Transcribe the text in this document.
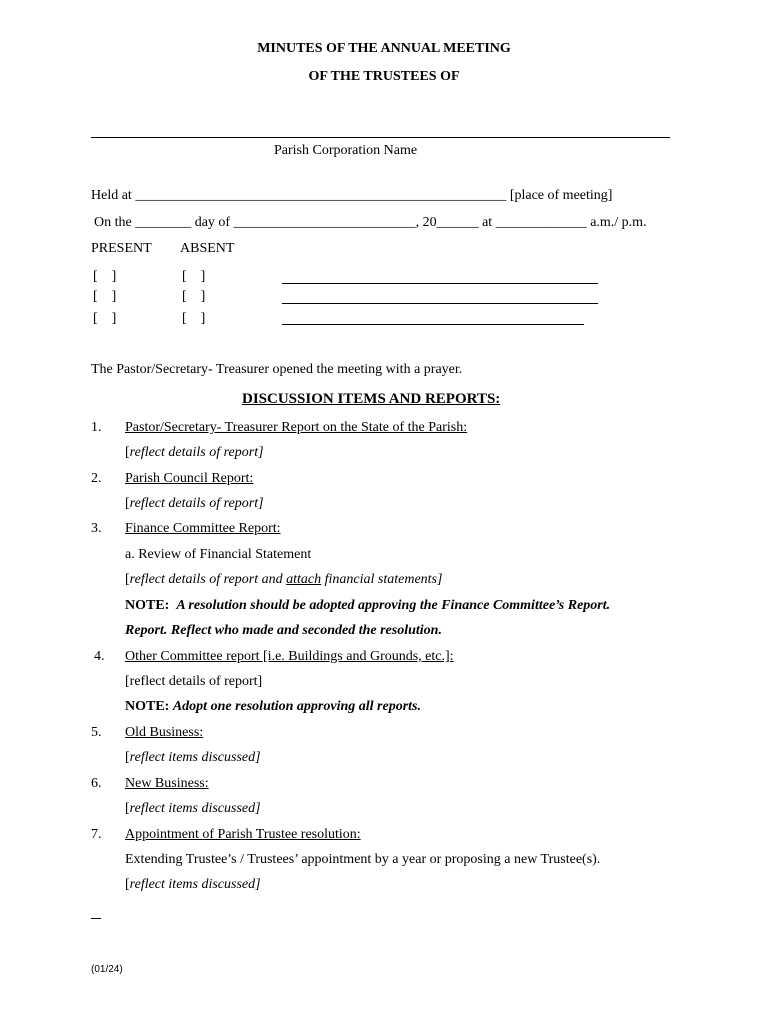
MINUTES OF THE ANNUAL MEETING
OF THE TRUSTEES OF
Parish Corporation Name
Held at _____________________________________________________ [place of meeting]
On the ________ day of __________________________, 20______ at _____________ a.m./ p.m.
PRESENT ABSENT
[    ]	[    ]
[    ]	[    ]
[    ]	[    ]
The Pastor/Secretary- Treasurer opened the meeting with a prayer.
DISCUSSION ITEMS AND REPORTS:
1. Pastor/Secretary- Treasurer Report on the State of the Parish:
[reflect details of report]
2. Parish Council Report:
[reflect details of report]
3. Finance Committee Report:
a. Review of Financial Statement
[reflect details of report and attach financial statements]
NOTE: A resolution should be adopted approving the Finance Committee’s Report.
Report. Reflect who made and seconded the resolution.
4. Other Committee report [i.e. Buildings and Grounds, etc.]:
[reflect details of report]
NOTE: Adopt one resolution approving all reports.
5. Old Business:
[reflect items discussed]
6. New Business:
[reflect items discussed]
7. Appointment of Parish Trustee resolution:
Extending Trustee’s / Trustees’ appointment by a year or proposing a new Trustee(s).
[reflect items discussed]
(01/24)
